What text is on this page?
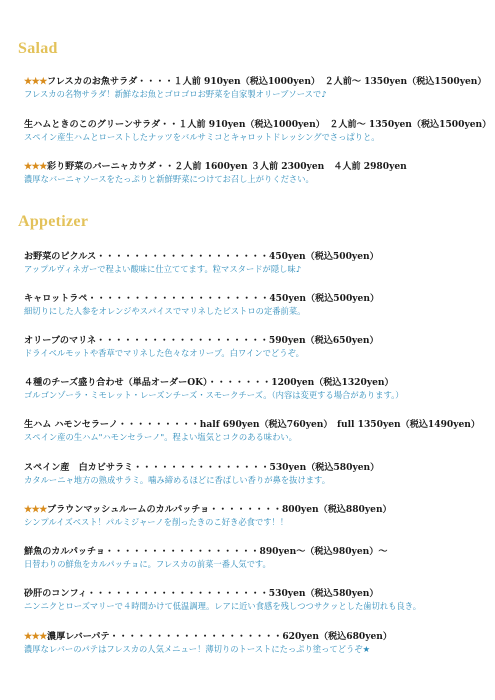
Salad
★★★フレスカのお魚サラダ・・・・１人前 910yen（税込1000yen）　２人前～ 1350yen（税込1500yen）
フレスカの名物サラダ！新鮮なお魚とゴロゴロお野菜を自家製オリーブソースで♪
生ハムときのこのグリーンサラダ・・１人前 910yen（税込1000yen）　２人前～ 1350yen（税込1500yen）
スペイン産生ハムとローストしたナッツをバルサミコとキャロットドレッシングでさっぱりと。
★★★彩り野菜のバーニャカウダ・・２人前 1600yen ３人前 2300yen　４人前 2980yen
濃厚なバーニャソースをたっぷりと新鮮野菜につけてお召し上がりください。
Appetizer
お野菜のピクルス・・・・・・・・・・・・・・・・・・・450yen（税込500yen）
アップルヴィネガーで程よい酸味に仕立ててます。粒マスタードが隠し味♪
キャロットラペ・・・・・・・・・・・・・・・・・・・・450yen（税込500yen）
細切りにした人参をオレンジやスパイスでマリネしたビストロの定番前菜。
オリーブのマリネ・・・・・・・・・・・・・・・・・・・590yen（税込650yen）
ドライベルモットや香草でマリネした色々なオリーブ。白ワインでどうぞ。
４種のチーズ盛り合わせ（単品オーダーOK）・・・・・・・1200yen（税込1320yen）
ゴルゴンゾーラ・ミモレット・レーズンチーズ・スモークチーズ。（内容は変更する場合があります。）
生ハム ハモンセラーノ・・・・・・・・・half 690yen（税込760yen）　full 1350yen（税込1490yen）
スペイン産の生ハム"ハモンセラーノ"。程よい塩気とコクのある味わい。
スペイン産　白カビサラミ・・・・・・・・・・・・・・・530yen（税込580yen）
カタルーニャ地方の熟成サラミ。噛み締めるほどに香ばしい香りが鼻を抜けます。
★★★ブラウンマッシュルームのカルパッチョ・・・・・・・・800yen（税込880yen）
シンプルイズベスト！パルミジャーノを削ったきのこ好き必食です！！
鮮魚のカルパッチョ・・・・・・・・・・・・・・・・・890yen～（税込980yen）～
日替わりの鮮魚をカルパッチョに。フレスカの前菜一番人気です。
砂肝のコンフィ・・・・・・・・・・・・・・・・・・・・530yen（税込580yen）
ニンニクとローズマリーで４時間かけて低温調理。レアに近い食感を残しつつサクッとした歯切れも良き。
★★★濃厚レバーパテ・・・・・・・・・・・・・・・・・・・620yen（税込680yen）
濃厚なレバーのパテはフレスカの人気メニュー！薄切りのトーストにたっぷり塗ってどうぞ★
